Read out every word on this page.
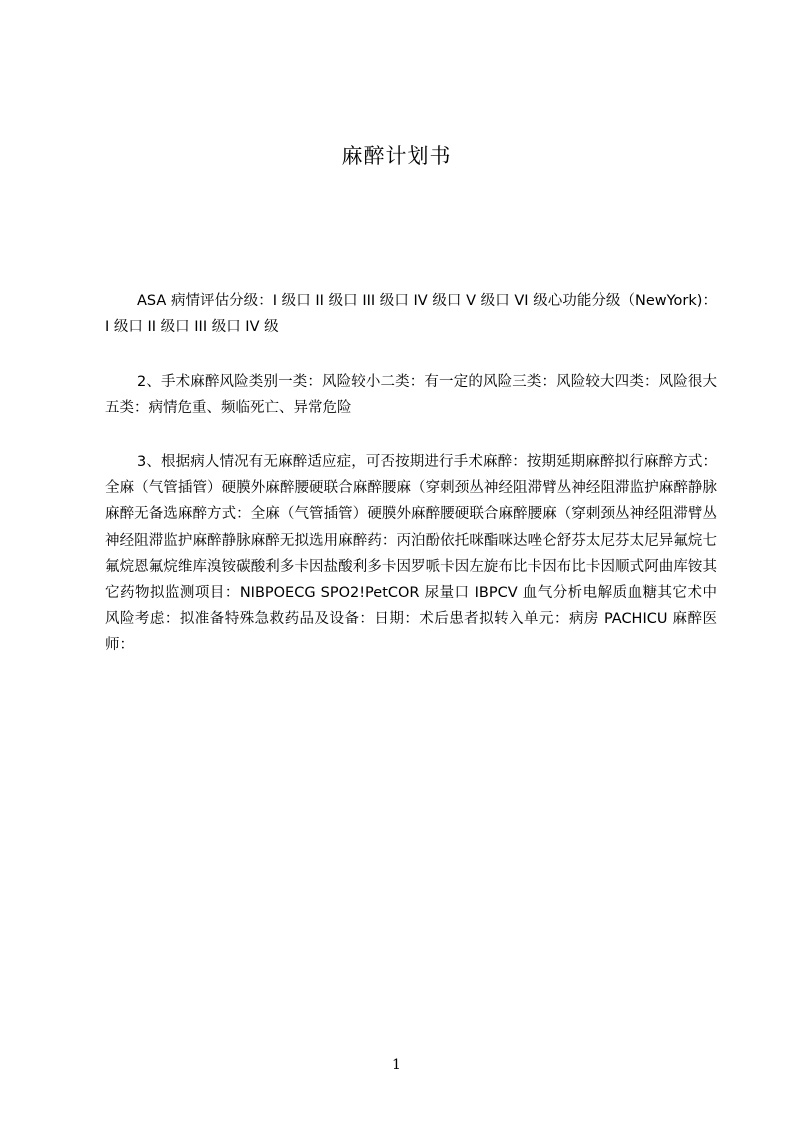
麻醉计划书
ASA 病情评估分级：I 级口 II 级口 III 级口 IV 级口 V 级口 VI 级心功能分级（NewYork)：I 级口 II 级口 III 级口 IV 级
2、手术麻醉风险类别一类：风险较小二类：有一定的风险三类：风险较大四类：风险很大五类：病情危重、频临死亡、异常危险
3、根据病人情况有无麻醉适应症，可否按期进行手术麻醉：按期延期麻醉拟行麻醉方式：全麻（气管插管）硬膜外麻醉腰硬联合麻醉腰麻（穿刺颈丛神经阻滞臂丛神经阻滞监护麻醉静脉麻醉无备选麻醉方式：全麻（气管插管）硬膜外麻醉腰硬联合麻醉腰麻（穿刺颈丛神经阻滞臂丛神经阻滞监护麻醉静脉麻醉无拟选用麻醉药：丙泊酚依托咪酯咪达唑仑舒芬太尼芬太尼异氟烷七氟烷恩氟烷维库溴铵碳酸利多卡因盐酸利多卡因罗哌卡因左旋布比卡因布比卡因顺式阿曲库铵其它药物拟监测项目：NIBPOECG SPO2!PetCOR 尿量口 IBPCV 血气分析电解质血糖其它术中风险考虑：拟准备特殊急救药品及设备：日期：术后患者拟转入单元：病房 PACHICU 麻醉医师：
1
